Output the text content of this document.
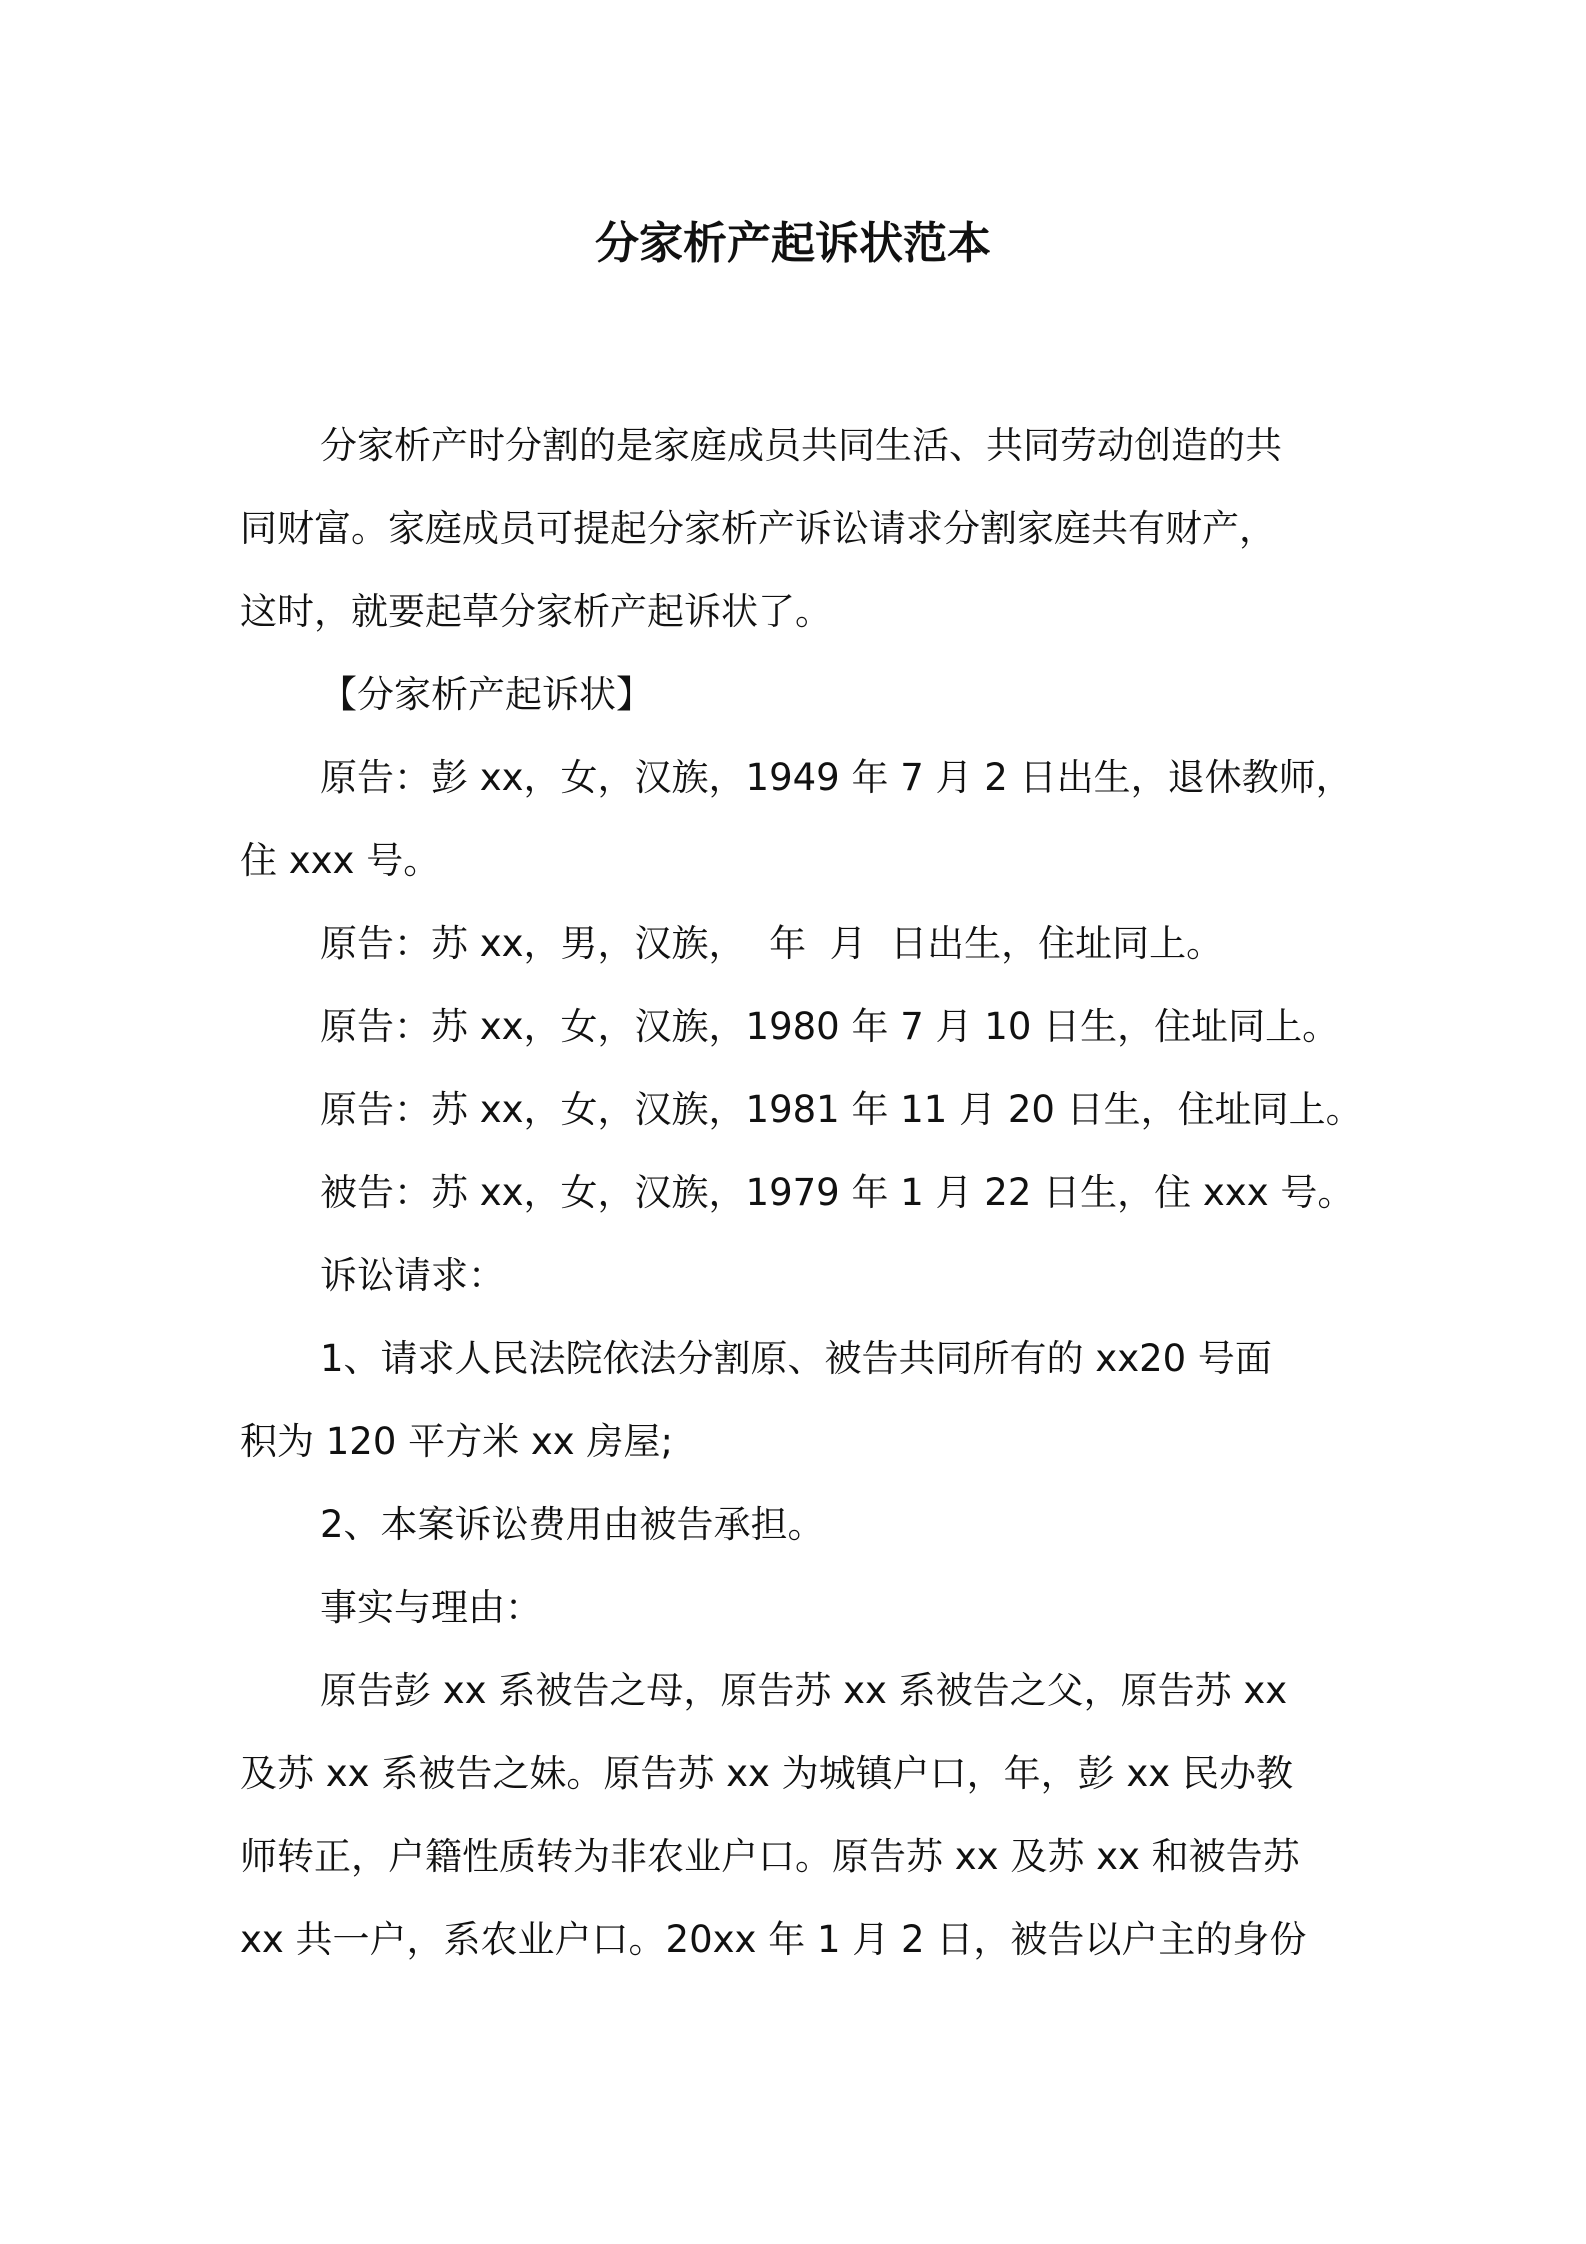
分家析产起诉状范本

分家析产时分割的是家庭成员共同生活、共同劳动创造的共

同财富。家庭成员可提起分家析产诉讼请求分割家庭共有财产，

这时，就要起草分家析产起诉状了。

【分家析产起诉状】

原告：彭 xx，女，汉族，1949 年 7 月 2 日出生，退休教师，

住 xxx 号。

原告：苏 xx，男，汉族，  年  月  日出生，住址同上。

原告：苏 xx，女，汉族，1980 年 7 月 10 日生，住址同上。

原告：苏 xx，女，汉族，1981 年 11 月 20 日生，住址同上。

被告：苏 xx，女，汉族，1979 年 1 月 22 日生，住 xxx 号。

诉讼请求：

1、请求人民法院依法分割原、被告共同所有的 xx20 号面

积为 120 平方米 xx 房屋;

2、本案诉讼费用由被告承担。

事实与理由：

原告彭 xx 系被告之母，原告苏 xx 系被告之父，原告苏 xx

及苏 xx 系被告之妹。原告苏 xx 为城镇户口，年，彭 xx 民办教

师转正，户籍性质转为非农业户口。原告苏 xx 及苏 xx 和被告苏

xx 共一户，系农业户口。20xx 年 1 月 2 日，被告以户主的身份
